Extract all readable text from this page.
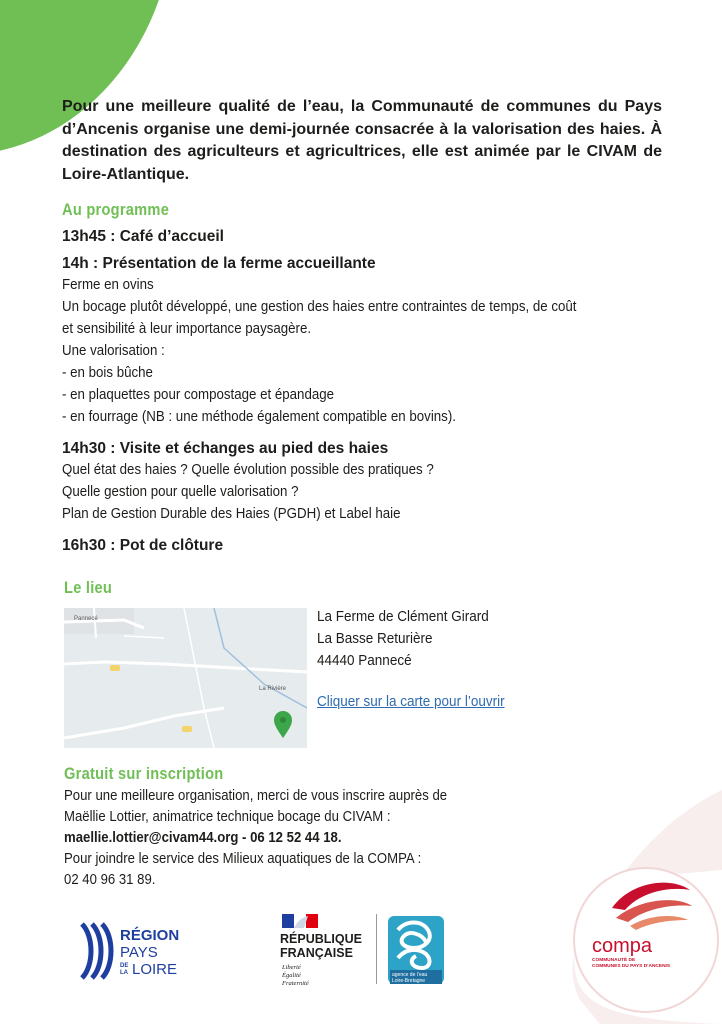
Pour une meilleure qualité de l’eau, la Communauté de communes du Pays d’Ancenis organise une demi-journée consacrée à la valorisation des haies. À destination des agriculteurs et agricultrices, elle est animée par le CIVAM de Loire-Atlantique.

Au programme

13h45 : Café d’accueil

14h : Présentation de la ferme accueillante

Ferme en ovins
Un bocage plutôt développé, une gestion des haies entre contraintes de temps, de coût
et sensibilité à leur importance paysagère.
Une valorisation :
- en bois bûche
- en plaquettes pour compostage et épandage
- en fourrage (NB : une méthode également compatible en bovins).

14h30 : Visite et échanges au pied des haies

Quel état des haies ? Quelle évolution possible des pratiques ?
Quelle gestion pour quelle valorisation ?
Plan de Gestion Durable des Haies (PGDH) et Label haie

16h30 : Pot de clôture

Le lieu
Pannecé
La Rivière
La Ferme de Clément Girard
La Basse Returière
44440 Pannecé
Cliquer sur la carte pour l’ouvrir
Gratuit sur inscription
Pour une meilleure organisation, merci de vous inscrire auprès de
Maëllie Lottier, animatrice technique bocage du CIVAM :
maellie.lottier@civam44.org - 06 12 52 44 18.
Pour joindre le service des Milieux aquatiques de la COMPA :
02 40 96 31 89.
compa
COMMUNAUTÉ DE
COMMUNES DU PAYS D’ANCENIS
RÉGION
PAYS
DE
LA LOIRE
RÉPUBLIQUE
FRANÇAISE
Liberté
Égalité
Fraternité
agence de l’eau
Loire-Bretagne
